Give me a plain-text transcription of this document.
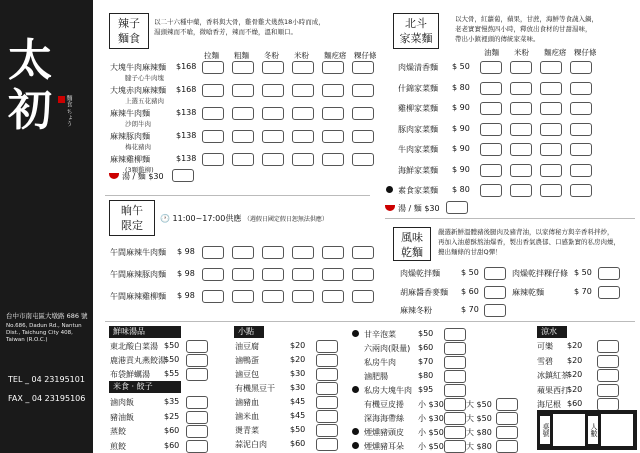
太
初 麵食 ちょう
台中市南屯區大墩路 686 號
No.686, Dadun Rd., Nantun Dist., Taichung City 408, Taiwan (R.O.C.)
TEL _ 04 23195101
FAX _ 04 23195106
辣子
麵食
以二十六種中藥，香料與大骨，雞骨雞犬幾熬18小時而成，
湯頭辣而不嗆，微嗆香芳，辣而不燥，溫和順口。
拉麵 粗麵 冬粉 米粉 麵疙瘩 粿仔條
大塊牛肉麻辣麵 $168
腱子心牛肉塊
大塊赤肉麻辣麵 $168
上選五花豬肉
麻辣牛肉麵	$138
沙朗牛肉
麻辣豚肉麵	$138
梅花豬肉
麻辣雞柳麵	$138
(3顆雞柳)
湯 / 麵 $30
北斗
家菜麵
以大骨，紅蘿蔔，蘋果，甘蔗，海鮮等食蔬入鍋，
老老實實慢熬四小時，釋放出食材的甘甜湯味，
帶出小鎮裡頭的傳統家菜味。
油麵 米粉 麵疙瘩 粿仔條
肉燥清香麵 $ 50
什錦家菜麵 $ 80
雞柳家菜麵 $ 90
豚肉家菜麵 $ 90
牛肉家菜麵 $ 90
海鮮家菜麵 $ 90
素食家菜麵 $ 80
湯 / 麵 $30
晌午
限定
🕐 11:00~17:00供應 （週假日國定假日恕無法供應）
午間麻辣牛肉麵 $ 98
午間麻辣豚肉麵 $ 98
午間麻辣雞柳麵 $ 98
風味
乾麵
嚴選新鮮溫體豬後腿肉及豬背油，以家傳秘方與辛香料拌炒，
再加入油蔥酥熬油爆香，製出香氣農郁、口感紮實的私房肉燥，
攪出麵條的甘甜Q彈！
肉燥乾拌麵	$ 50	肉燥乾拌粿仔條 $ 50
胡麻醬香麥麵 $ 60	麻辣乾麵	$ 70
麻辣冬粉	$ 70
鮮味湯品
東北酸白菜湯 $50
鹿港貢丸燕餃湯
$50
布袋鮮蠣湯 $55
米食 · 餃子
滷肉飯	$35
豬油飯	$25
蒸餃	$60
煎餃	$60
小點
油豆腐	$20
滷鴨蛋	$20
滷豆包	$30
有機黑豆干 $30
滷豬血	$45
滷米血	$45
燙青菜	$50
蒜泥白肉	$60
甘辛泡菜	$50
六兩肉(限量) $60
私房牛肉	$70
滷肥腸	$80
私房大塊牛肉 $95
有機豆皮捲 小 $30	大 $50
深海海帶絲 小 $30	大 $50
煙燻豬頭皮 小 $50	大 $80
煙燻豬耳朵 小 $50	大 $80
涼水
可樂 $20
雪碧 $20
冰鎮紅茶
$20
蘋果西打
$20
海尼根 $60
桌號	人數
